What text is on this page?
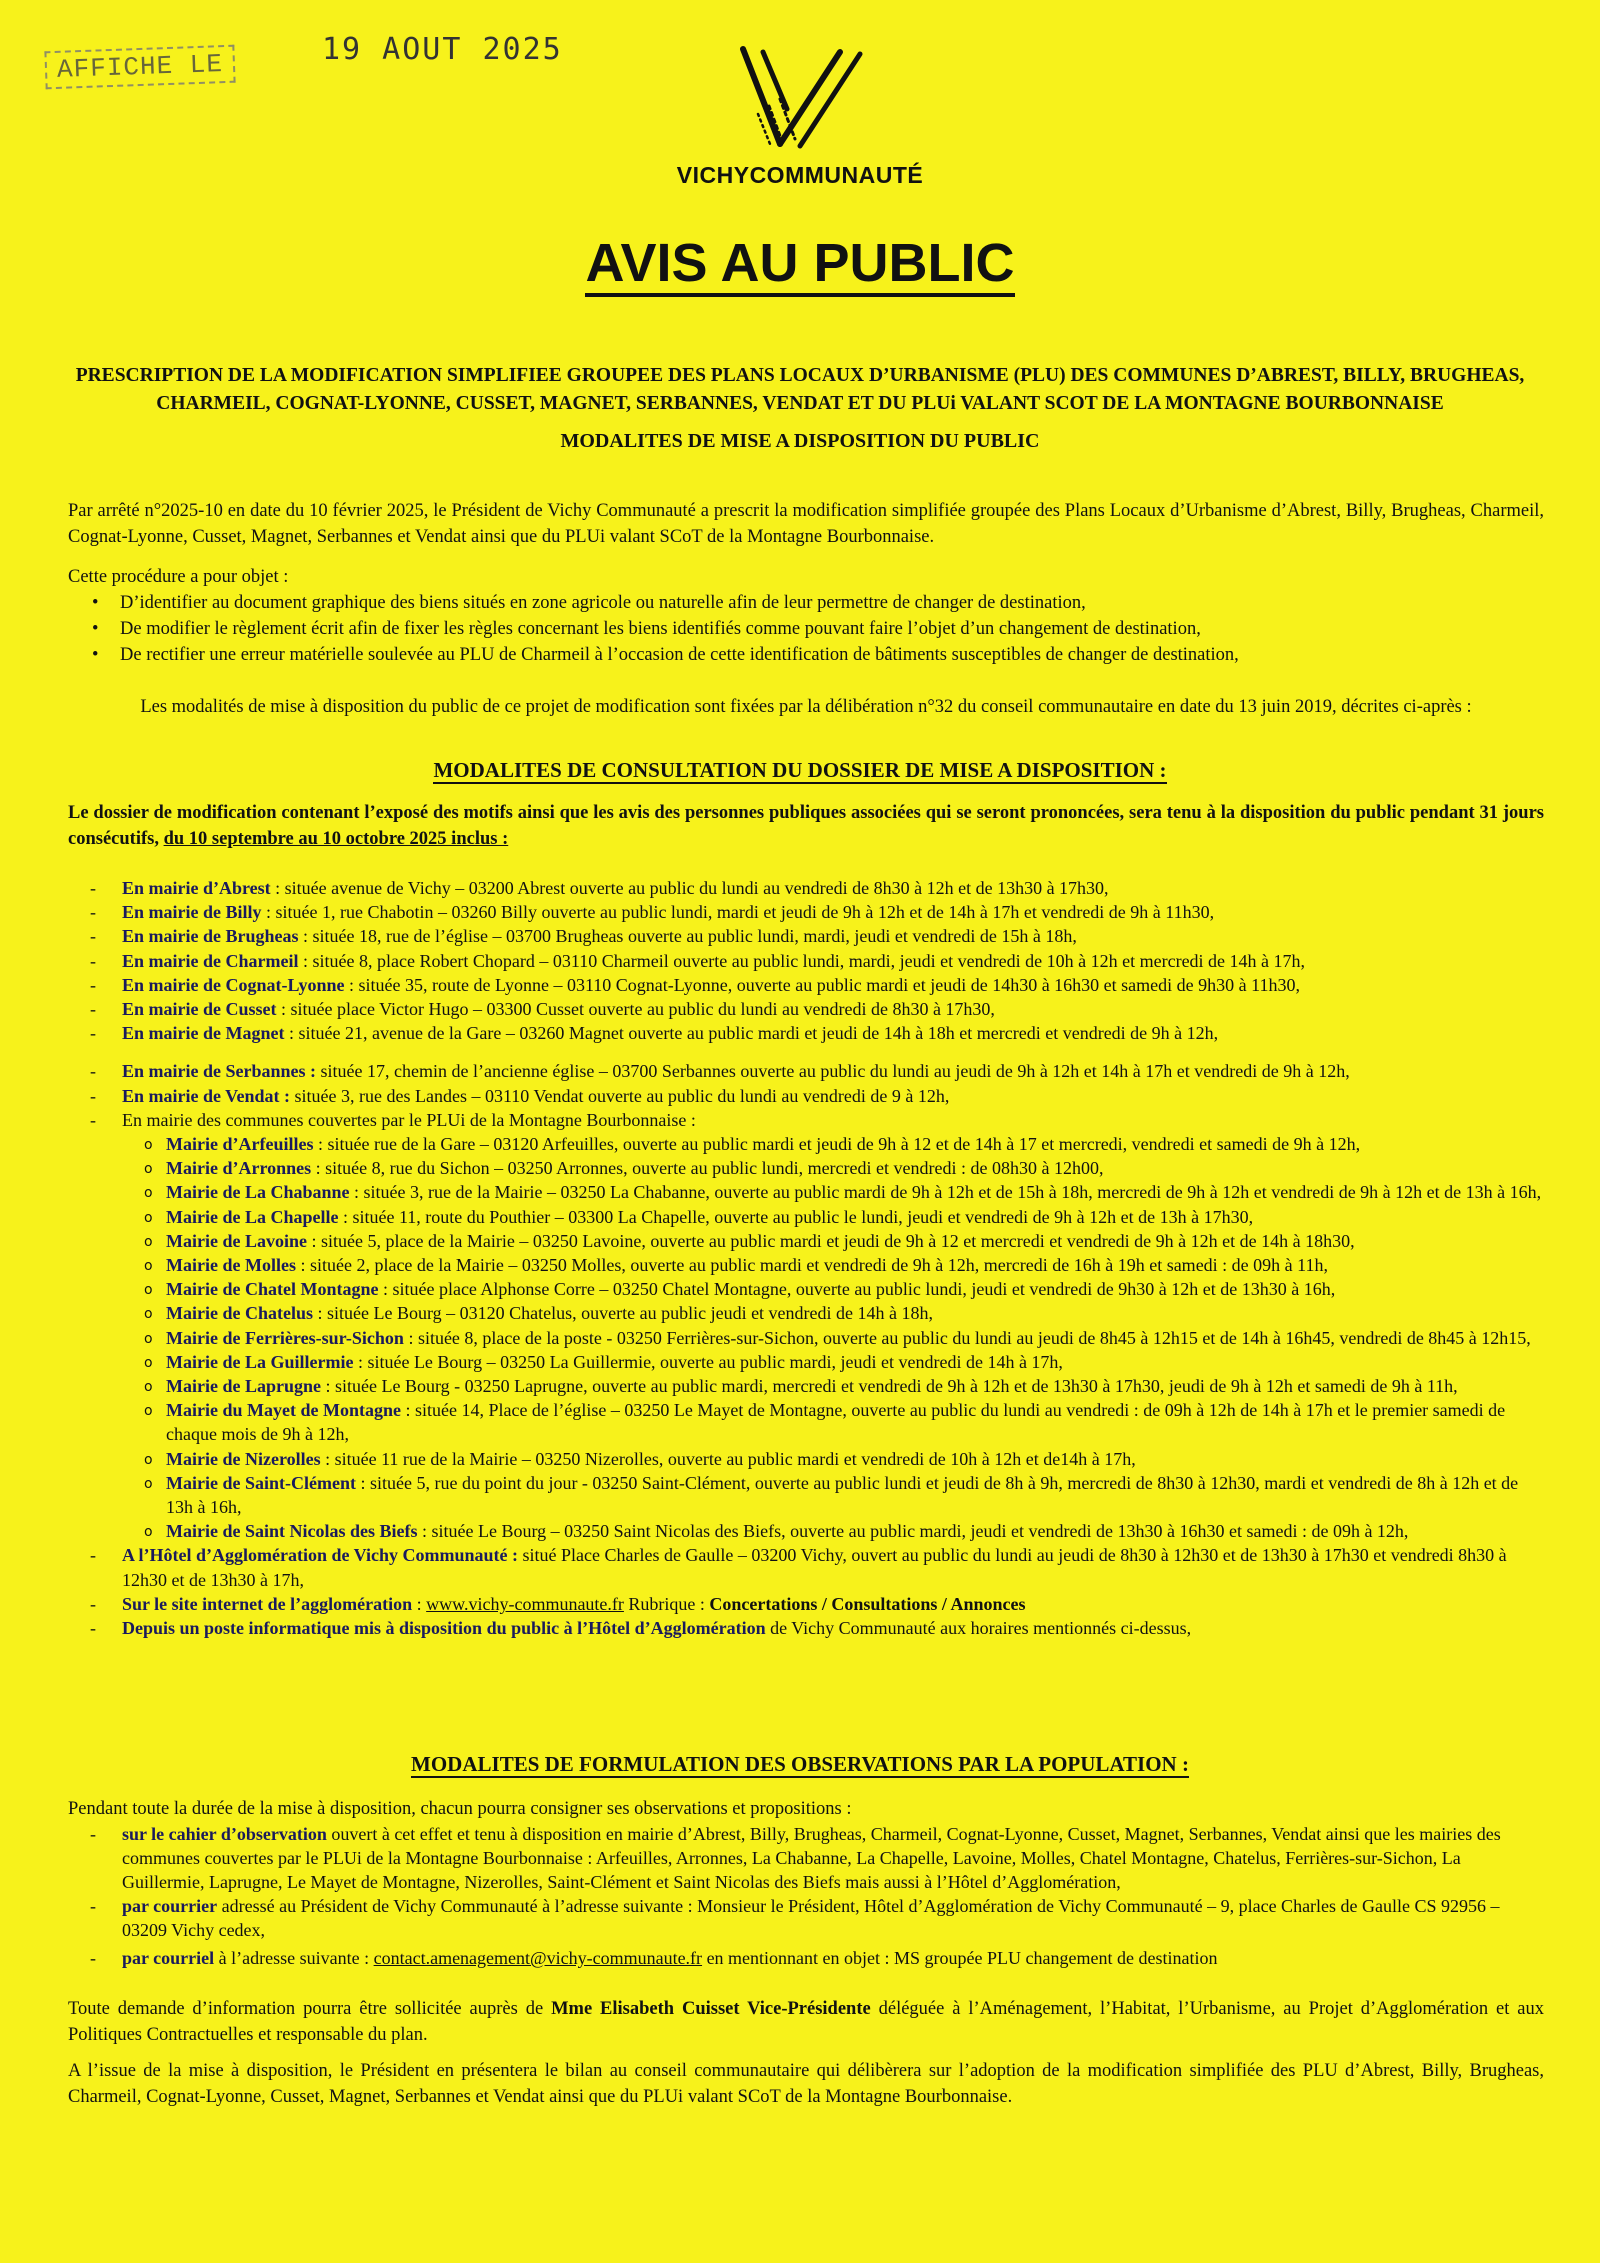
AFFICHE LE	19 AOUT 2025
VICHYCOMMUNAUTÉ
AVIS AU PUBLIC
PRESCRIPTION DE LA MODIFICATION SIMPLIFIEE GROUPEE DES PLANS LOCAUX D’URBANISME (PLU) DES COMMUNES D’ABREST, BILLY, BRUGHEAS, CHARMEIL, COGNAT-LYONNE, CUSSET, MAGNET, SERBANNES, VENDAT ET DU PLUi VALANT SCOT DE LA MONTAGNE BOURBONNAISE
MODALITES DE MISE A DISPOSITION DU PUBLIC
Par arrêté n°2025-10 en date du 10 février 2025, le Président de Vichy Communauté a prescrit la modification simplifiée groupée des Plans Locaux d’Urbanisme d’Abrest, Billy, Brugheas, Charmeil, Cognat-Lyonne, Cusset, Magnet, Serbannes et Vendat ainsi que du PLUi valant SCoT de la Montagne Bourbonnaise.
Cette procédure a pour objet :
• D’identifier au document graphique des biens situés en zone agricole ou naturelle afin de leur permettre de changer de destination,
• De modifier le règlement écrit afin de fixer les règles concernant les biens identifiés comme pouvant faire l’objet d’un changement de destination,
• De rectifier une erreur matérielle soulevée au PLU de Charmeil à l’occasion de cette identification de bâtiments susceptibles de changer de destination,
Les modalités de mise à disposition du public de ce projet de modification sont fixées par la délibération n°32 du conseil communautaire en date du 13 juin 2019, décrites ci-après :
MODALITES DE CONSULTATION DU DOSSIER DE MISE A DISPOSITION :
Le dossier de modification contenant l’exposé des motifs ainsi que les avis des personnes publiques associées qui se seront prononcées, sera tenu à la disposition du public pendant 31 jours consécutifs, du 10 septembre au 10 octobre 2025 inclus :
- En mairie d’Abrest : située avenue de Vichy – 03200 Abrest ouverte au public du lundi au vendredi de 8h30 à 12h et de 13h30 à 17h30,
- En mairie de Billy : située 1, rue Chabotin – 03260 Billy ouverte au public lundi, mardi et jeudi de 9h à 12h et de 14h à 17h et vendredi de 9h à 11h30,
- En mairie de Brugheas : située 18, rue de l’église – 03700 Brugheas ouverte au public lundi, mardi, jeudi et vendredi de 15h à 18h,
- En mairie de Charmeil : située 8, place Robert Chopard – 03110 Charmeil ouverte au public lundi, mardi, jeudi et vendredi de 10h à 12h et mercredi de 14h à 17h,
- En mairie de Cognat-Lyonne : située 35, route de Lyonne – 03110 Cognat-Lyonne, ouverte au public mardi et jeudi de 14h30 à 16h30 et samedi de 9h30 à 11h30,
- En mairie de Cusset : située place Victor Hugo – 03300 Cusset ouverte au public du lundi au vendredi de 8h30 à 17h30,
- En mairie de Magnet : située 21, avenue de la Gare – 03260 Magnet ouverte au public mardi et jeudi de 14h à 18h et mercredi et vendredi de 9h à 12h,
- En mairie de Serbannes : située 17, chemin de l’ancienne église – 03700 Serbannes ouverte au public du lundi au jeudi de 9h à 12h et 14h à 17h et vendredi de 9h à 12h,
- En mairie de Vendat : située 3, rue des Landes – 03110 Vendat ouverte au public du lundi au vendredi de 9 à 12h,
- En mairie des communes couvertes par le PLUi de la Montagne Bourbonnaise :
o Mairie d’Arfeuilles : située rue de la Gare – 03120 Arfeuilles, ouverte au public mardi et jeudi de 9h à 12 et de 14h à 17 et mercredi, vendredi et samedi de 9h à 12h,
o Mairie d’Arronnes : située 8, rue du Sichon – 03250 Arronnes, ouverte au public lundi, mercredi et vendredi : de 08h30 à 12h00,
o Mairie de La Chabanne : située 3, rue de la Mairie – 03250 La Chabanne, ouverte au public mardi de 9h à 12h et de 15h à 18h, mercredi de 9h à 12h et vendredi de 9h à 12h et de 13h à 16h,
o Mairie de La Chapelle : située 11, route du Pouthier – 03300 La Chapelle, ouverte au public le lundi, jeudi et vendredi de 9h à 12h et de 13h à 17h30,
o Mairie de Lavoine : située 5, place de la Mairie – 03250 Lavoine, ouverte au public mardi et jeudi de 9h à 12 et mercredi et vendredi de 9h à 12h et de 14h à 18h30,
o Mairie de Molles : située 2, place de la Mairie – 03250 Molles, ouverte au public mardi et vendredi de 9h à 12h, mercredi de 16h à 19h et samedi : de 09h à 11h,
o Mairie de Chatel Montagne : située place Alphonse Corre – 03250 Chatel Montagne, ouverte au public lundi, jeudi et vendredi de 9h30 à 12h et de 13h30 à 16h,
o Mairie de Chatelus : située Le Bourg – 03120 Chatelus, ouverte au public jeudi et vendredi de 14h à 18h,
o Mairie de Ferrières-sur-Sichon : située 8, place de la poste - 03250 Ferrières-sur-Sichon, ouverte au public du lundi au jeudi de 8h45 à 12h15 et de 14h à 16h45, vendredi de 8h45 à 12h15,
o Mairie de La Guillermie : située Le Bourg – 03250 La Guillermie, ouverte au public mardi, jeudi et vendredi de 14h à 17h,
o Mairie de Laprugne : située Le Bourg - 03250 Laprugne, ouverte au public mardi, mercredi et vendredi de 9h à 12h et de 13h30 à 17h30, jeudi de 9h à 12h et samedi de 9h à 11h,
o Mairie du Mayet de Montagne : située 14, Place de l’église – 03250 Le Mayet de Montagne, ouverte au public du lundi au vendredi : de 09h à 12h de 14h à 17h et le premier samedi de chaque mois de 9h à 12h,
o Mairie de Nizerolles : située 11 rue de la Mairie – 03250 Nizerolles, ouverte au public mardi et vendredi de 10h à 12h et de14h à 17h,
o Mairie de Saint-Clément : située 5, rue du point du jour - 03250 Saint-Clément, ouverte au public lundi et jeudi de 8h à 9h, mercredi de 8h30 à 12h30, mardi et vendredi de 8h à 12h et de 13h à 16h,
o Mairie de Saint Nicolas des Biefs : située Le Bourg – 03250 Saint Nicolas des Biefs, ouverte au public mardi, jeudi et vendredi de 13h30 à 16h30 et samedi : de 09h à 12h,
- A l’Hôtel d’Agglomération de Vichy Communauté : situé Place Charles de Gaulle – 03200 Vichy, ouvert au public du lundi au jeudi de 8h30 à 12h30 et de 13h30 à 17h30 et vendredi 8h30 à 12h30 et de 13h30 à 17h,
- Sur le site internet de l’agglomération : www.vichy-communaute.fr Rubrique : Concertations / Consultations / Annonces
- Depuis un poste informatique mis à disposition du public à l’Hôtel d’Agglomération de Vichy Communauté aux horaires mentionnés ci-dessus,
MODALITES DE FORMULATION DES OBSERVATIONS PAR LA POPULATION :
Pendant toute la durée de la mise à disposition, chacun pourra consigner ses observations et propositions :
- sur le cahier d’observation ouvert à cet effet et tenu à disposition en mairie d’Abrest, Billy, Brugheas, Charmeil, Cognat-Lyonne, Cusset, Magnet, Serbannes, Vendat ainsi que les mairies des communes couvertes par le PLUi de la Montagne Bourbonnaise : Arfeuilles, Arronnes, La Chabanne, La Chapelle, Lavoine, Molles, Chatel Montagne, Chatelus, Ferrières-sur-Sichon, La Guillermie, Laprugne, Le Mayet de Montagne, Nizerolles, Saint-Clément et Saint Nicolas des Biefs mais aussi à l’Hôtel d’Agglomération,
- par courrier adressé au Président de Vichy Communauté à l’adresse suivante : Monsieur le Président, Hôtel d’Agglomération de Vichy Communauté – 9, place Charles de Gaulle CS 92956 – 03209 Vichy cedex,
- par courriel à l’adresse suivante : contact.amenagement@vichy-communaute.fr en mentionnant en objet : MS groupée PLU changement de destination
Toute demande d’information pourra être sollicitée auprès de Mme Elisabeth Cuisset Vice-Présidente déléguée à l’Aménagement, l’Habitat, l’Urbanisme, au Projet d’Agglomération et aux Politiques Contractuelles et responsable du plan.
A l’issue de la mise à disposition, le Président en présentera le bilan au conseil communautaire qui délibèrera sur l’adoption de la modification simplifiée des PLU d’Abrest, Billy, Brugheas, Charmeil, Cognat-Lyonne, Cusset, Magnet, Serbannes et Vendat ainsi que du PLUi valant SCoT de la Montagne Bourbonnaise.
